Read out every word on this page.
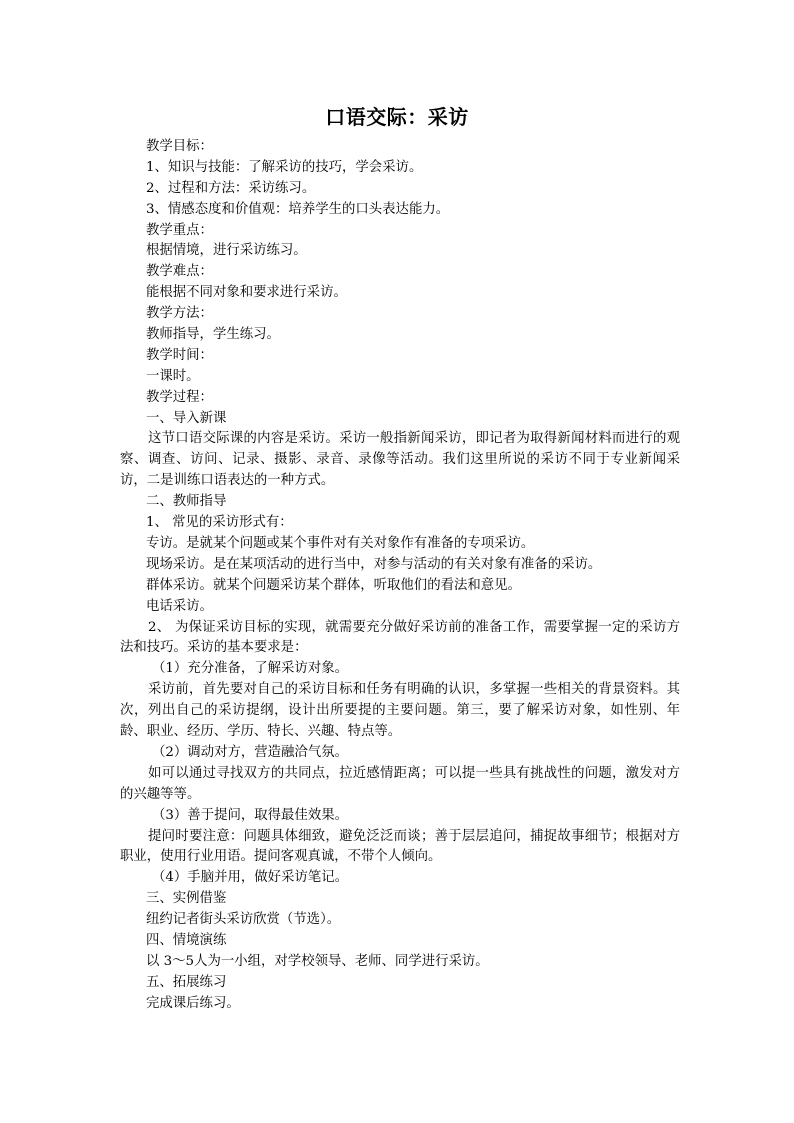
口语交际：采访
教学目标：
1、知识与技能：了解采访的技巧，学会采访。
2、过程和方法：采访练习。
3、情感态度和价值观：培养学生的口头表达能力。
教学重点：
根据情境，进行采访练习。
教学难点：
能根据不同对象和要求进行采访。
教学方法：
教师指导，学生练习。
教学时间：
一课时。
教学过程：
一、导入新课
这节口语交际课的内容是采访。采访一般指新闻采访，即记者为取得新闻材料而进行的观察、调查、访问、记录、摄影、录音、录像等活动。我们这里所说的采访不同于专业新闻采访，二是训练口语表达的一种方式。
二、教师指导
1、 常见的采访形式有：
专访。是就某个问题或某个事件对有关对象作有准备的专项采访。
现场采访。是在某项活动的进行当中，对参与活动的有关对象有准备的采访。
群体采访。就某个问题采访某个群体，听取他们的看法和意见。
电话采访。
2、 为保证采访目标的实现，就需要充分做好采访前的准备工作，需要掌握一定的采访方法和技巧。采访的基本要求是：
（1）充分准备，了解采访对象。
采访前，首先要对自己的采访目标和任务有明确的认识，多掌握一些相关的背景资料。其次，列出自己的采访提纲，设计出所要提的主要问题。第三，要了解采访对象，如性别、年龄、职业、经历、学历、特长、兴趣、特点等。
（2）调动对方，营造融洽气氛。
如可以通过寻找双方的共同点，拉近感情距离；可以提一些具有挑战性的问题，激发对方的兴趣等等。
（3）善于提问，取得最佳效果。
提问时要注意：问题具体细致，避免泛泛而谈；善于层层追问，捕捉故事细节；根据对方职业，使用行业用语。提问客观真诚，不带个人倾向。
（4）手脑并用，做好采访笔记。
三、实例借鉴
纽约记者街头采访欣赏（节选）。
四、情境演练
以 3～5人为一小组，对学校领导、老师、同学进行采访。
五、拓展练习
完成课后练习。
